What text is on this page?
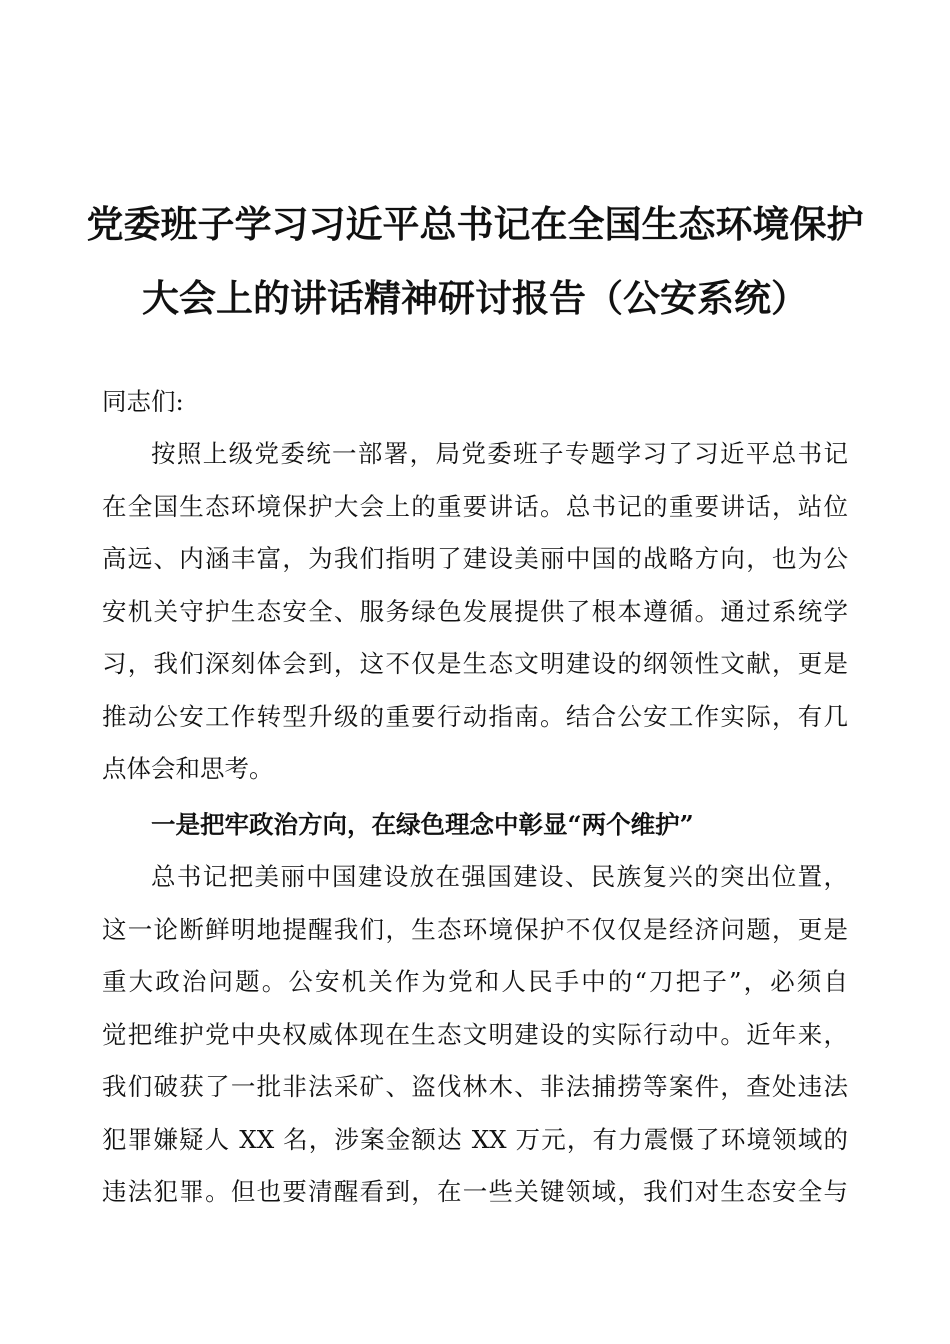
党委班子学习习近平总书记在全国生态环境保护
大会上的讲话精神研讨报告（公安系统）

同志们:

按照上级党委统一部署，局党委班子专题学习了习近平总书记
在全国生态环境保护大会上的重要讲话。总书记的重要讲话，站位
高远、内涵丰富，为我们指明了建设美丽中国的战略方向，也为公
安机关守护生态安全、服务绿色发展提供了根本遵循。通过系统学
习，我们深刻体会到，这不仅是生态文明建设的纲领性文献，更是
推动公安工作转型升级的重要行动指南。结合公安工作实际，有几
点体会和思考。

一是把牢政治方向，在绿色理念中彰显“两个维护”

总书记把美丽中国建设放在强国建设、民族复兴的突出位置，
这一论断鲜明地提醒我们，生态环境保护不仅仅是经济问题，更是
重大政治问题。公安机关作为党和人民手中的“刀把子”，必须自
觉把维护党中央权威体现在生态文明建设的实际行动中。近年来，
我们破获了一批非法采矿、盗伐林木、非法捕捞等案件，查处违法
犯罪嫌疑人 XX 名，涉案金额达 XX 万元，有力震慑了环境领域的
违法犯罪。但也要清醒看到，在一些关键领域，我们对生态安全与
